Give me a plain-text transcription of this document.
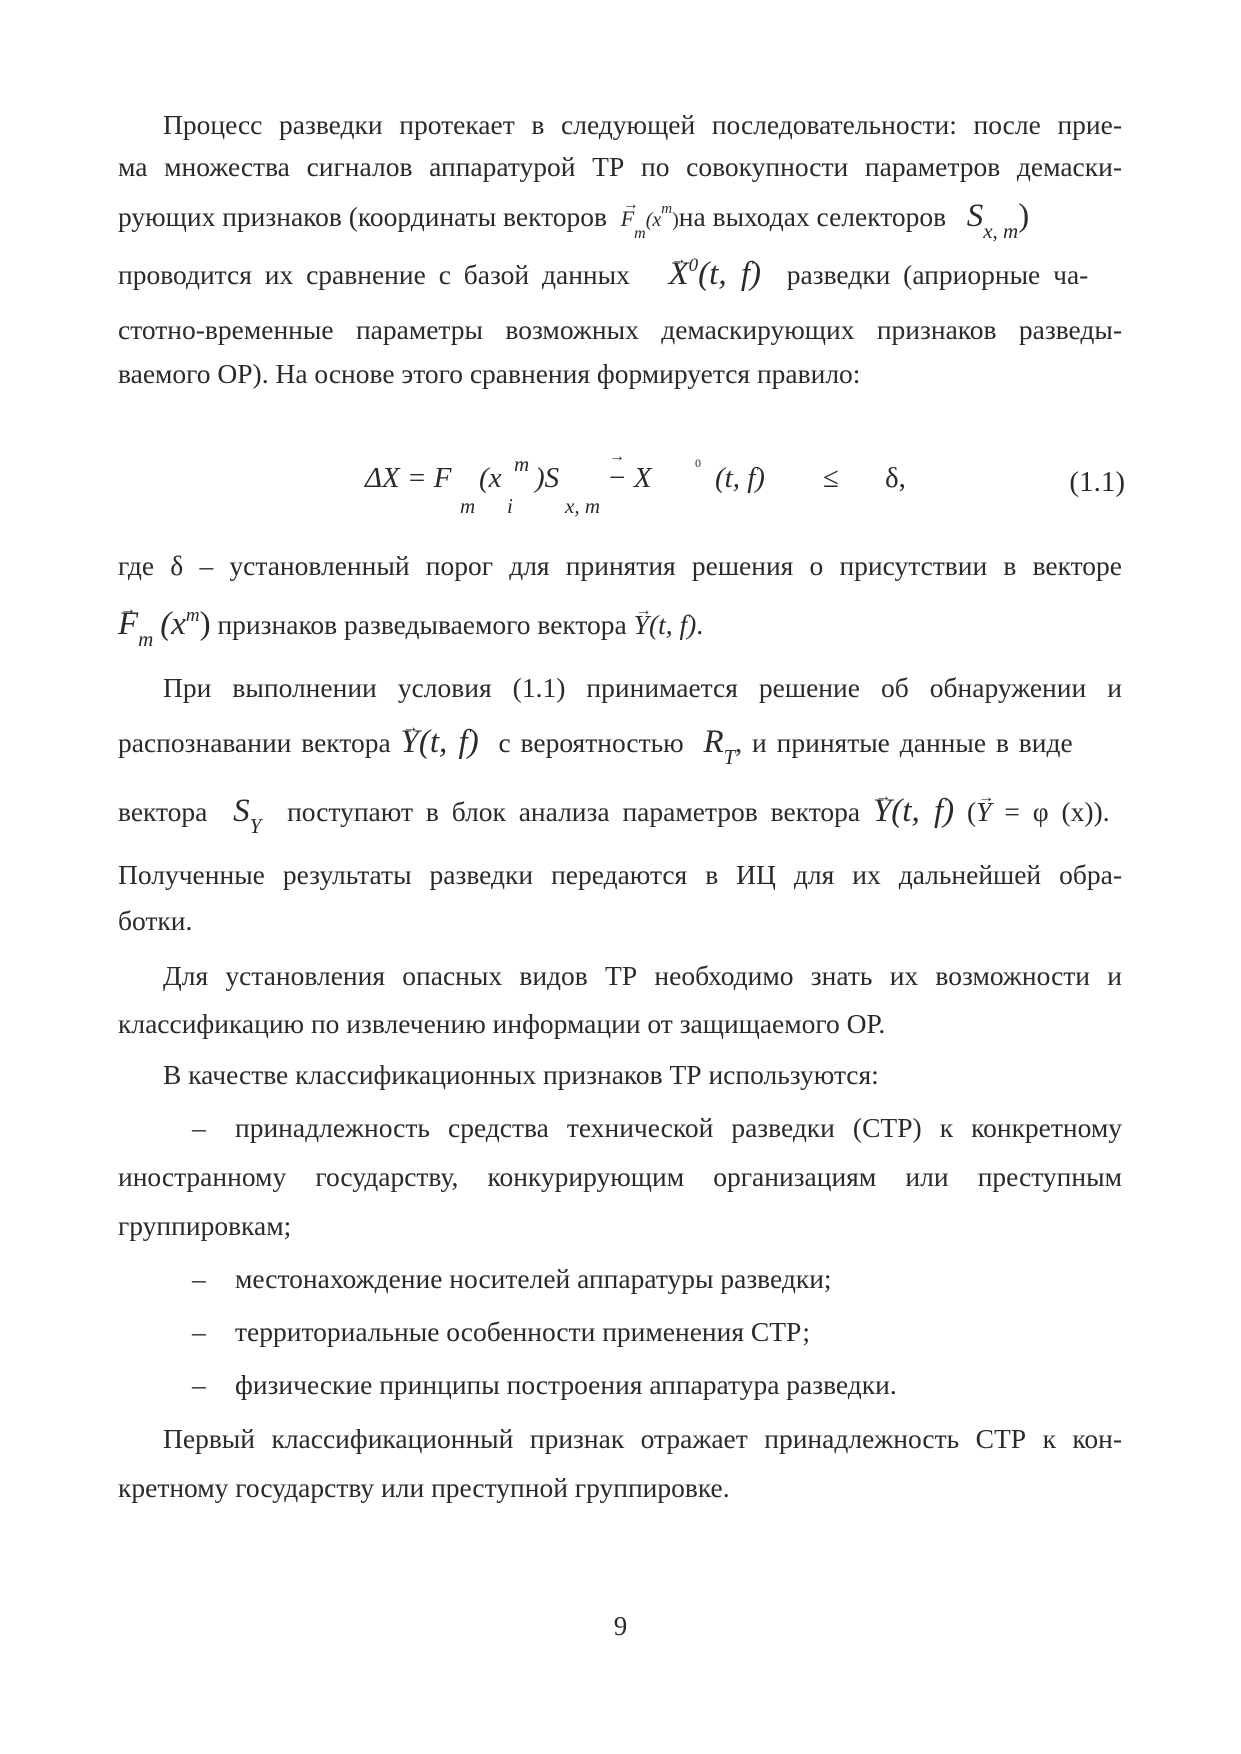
Процесс разведки протекает в следующей последовательности: после прие-
ма множества сигналов аппаратурой ТР по совокупности параметров демаски-
рующих признаков (координаты векторов → $F_m(x^m)на$ выходах селекторов $S_{x, m}$)
проводится их сравнение с базой данных → $X^0(t$, f) разведки (априорные ча-
стотно-временные параметры возможных демаскирующих признаков разведы-
ваемого ОР). На основе этого сравнения формируется правило:
ΔX = F (x m )S → − X	0 (t, f) ≤ δ,
m i x, m
(1.1)
где δ – установленный порог для принятия решения о присутствии в векторе
→ $F_m$ $(x^m)$ признаков разведываемого вектора → Y(t, f).
При выполнении условия (1.1) принимается решение об обнаружении и
распознавании вектора → Y(t, f) с вероятностью $R_T$, и принятые данные в виде
вектора $S_Y$ поступают в блок анализа параметров вектора → Y(t, f) (→ Y = φ (x)).
Полученные результаты разведки передаются в ИЦ для их дальнейшей обра-
ботки.
Для установления опасных видов ТР необходимо знать их возможности и
классификацию по извлечению информации от защищаемого ОР.
В качестве классификационных признаков ТР используются:
–	принадлежность средства технической разведки (СТР) к конкретному
иностранному государству, конкурирующим организациям или преступным
группировкам;
–	местонахождение носителей аппаратуры разведки;
–	территориальные особенности применения СТР;
–	физические принципы построения аппаратура разведки.
Первый классификационный признак отражает принадлежность СТР к кон-
кретному государству или преступной группировке.
9
